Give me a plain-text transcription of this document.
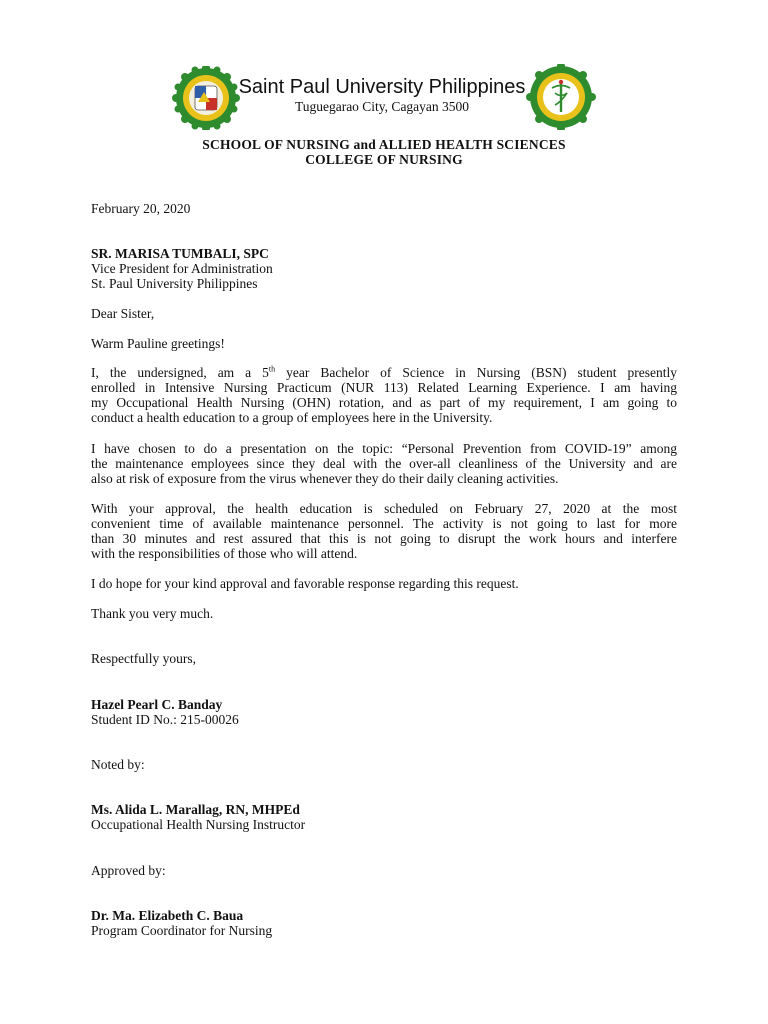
Saint Paul University Philippines
Tuguegarao City, Cagayan 3500
SCHOOL OF NURSING and ALLIED HEALTH SCIENCES
COLLEGE OF NURSING
February 20, 2020
SR. MARISA TUMBALI, SPC
Vice President for Administration
St. Paul University Philippines
Dear Sister,
Warm Pauline greetings!
I, the undersigned, am a 5th year Bachelor of Science in Nursing (BSN) student presently
enrolled in Intensive Nursing Practicum (NUR 113) Related Learning Experience. I am having
my Occupational Health Nursing (OHN) rotation, and as part of my requirement, I am going to
conduct a health education to a group of employees here in the University.
I have chosen to do a presentation on the topic: “Personal Prevention from COVID-19” among
the maintenance employees since they deal with the over-all cleanliness of the University and are
also at risk of exposure from the virus whenever they do their daily cleaning activities.
With your approval, the health education is scheduled on February 27, 2020 at the most
convenient time of available maintenance personnel. The activity is not going to last for more
than 30 minutes and rest assured that this is not going to disrupt the work hours and interfere
with the responsibilities of those who will attend.
I do hope for your kind approval and favorable response regarding this request.
Thank you very much.
Respectfully yours,
Hazel Pearl C. Banday
Student ID No.: 215-00026
Noted by:
Ms. Alida L. Marallag, RN, MHPEd
Occupational Health Nursing Instructor
Approved by:
Dr. Ma. Elizabeth C. Baua
Program Coordinator for Nursing
